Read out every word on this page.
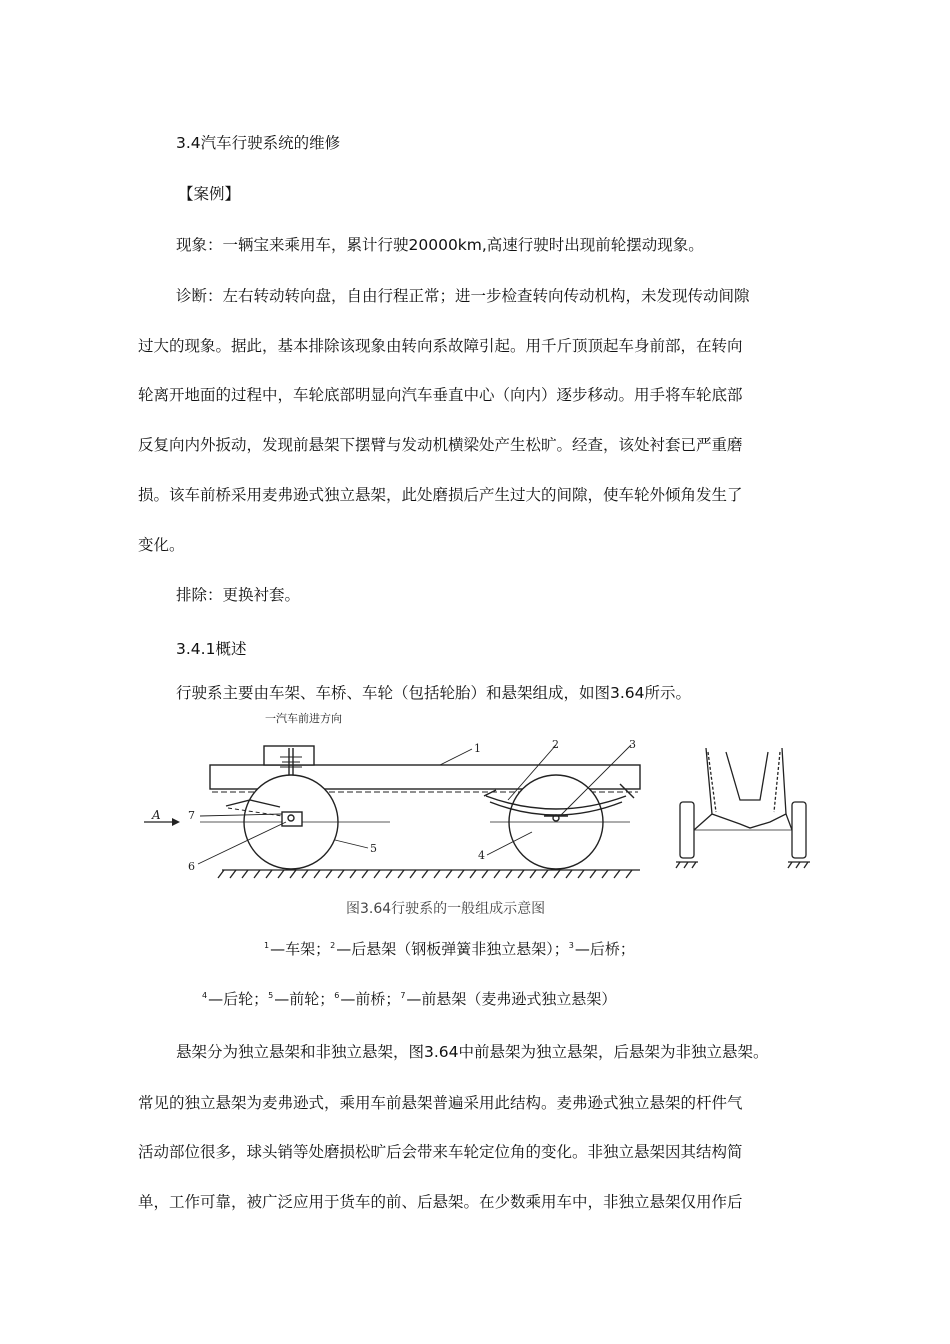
3.4汽车行驶系统的维修
【案例】
现象：一辆宝来乘用车，累计行驶20000km,高速行驶时出现前轮摆动现象。
诊断：左右转动转向盘，自由行程正常；进一步检查转向传动机构，未发现传动间隙
过大的现象。据此，基本排除该现象由转向系故障引起。用千斤顶顶起车身前部，在转向
轮离开地面的过程中，车轮底部明显向汽车垂直中心（向内）逐步移动。用手将车轮底部
反复向内外扳动，发现前悬架下摆臂与发动机横梁处产生松旷。经查，该处衬套已严重磨
损。该车前桥采用麦弗逊式独立悬架，此处磨损后产生过大的间隙，使车轮外倾角发生了
变化。
排除：更换衬套。
3.4.1概述
行驶系主要由车架、车桥、车轮（包括轮胎）和悬架组成，如图3.64所示。
一汽车前进方向
A
1	2	3
4
5
6
7
图3.64行驶系的一般组成示意图
$^1$—车架；$^2$—后悬架（钢板弹簧非独立悬架）；$^3$—后桥；
$^4$—后轮；$^5$—前轮；$^6$—前桥；$^7$—前悬架（麦弗逊式独立悬架）
悬架分为独立悬架和非独立悬架，图3.64中前悬架为独立悬架，后悬架为非独立悬架。
常见的独立悬架为麦弗逊式，乘用车前悬架普遍采用此结构。麦弗逊式独立悬架的杆件气
活动部位很多，球头销等处磨损松旷后会带来车轮定位角的变化。非独立悬架因其结构简
单，工作可靠，被广泛应用于货车的前、后悬架。在少数乘用车中，非独立悬架仅用作后
